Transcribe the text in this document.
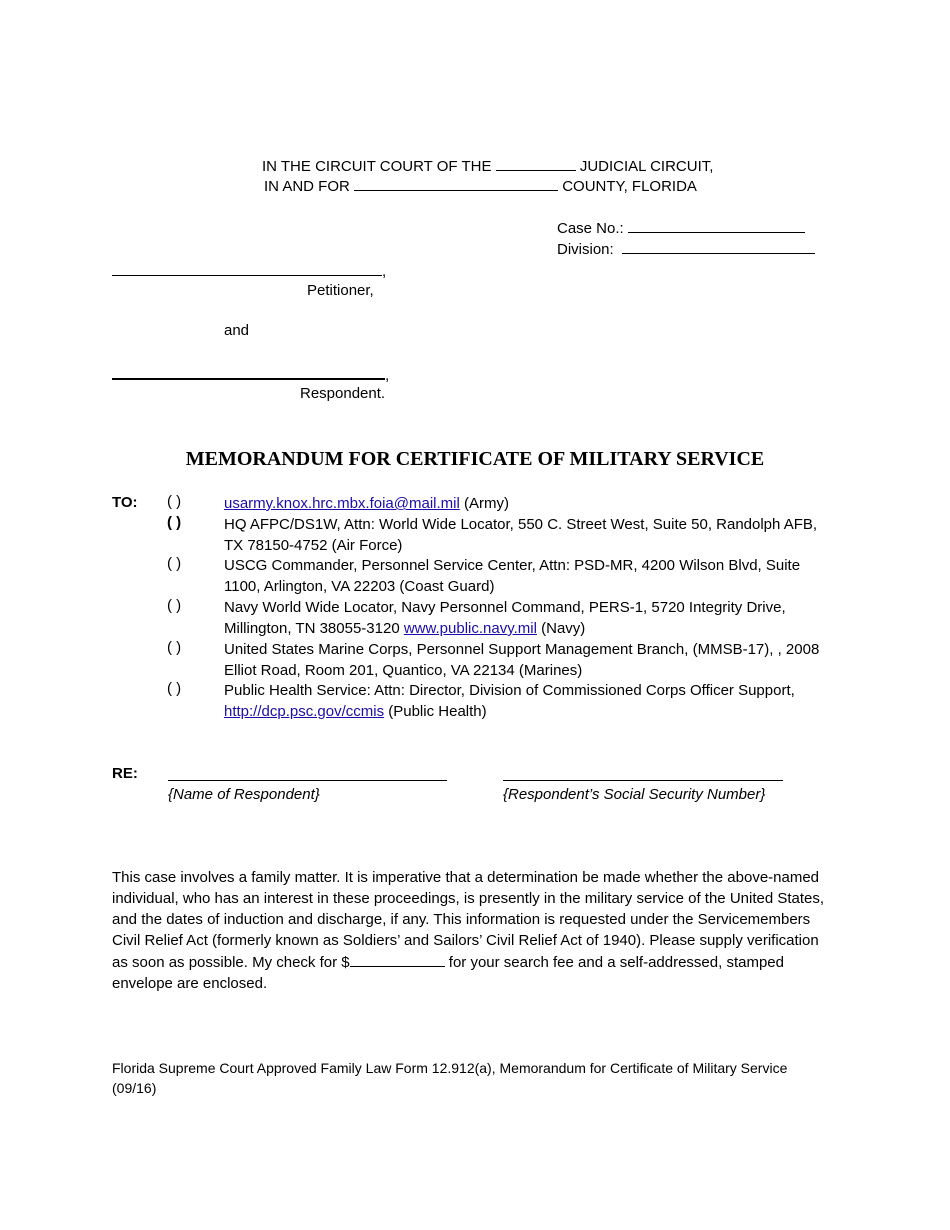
IN THE CIRCUIT COURT OF THE	JUDICIAL CIRCUIT,
IN AND FOR	COUNTY, FLORIDA
Case No.:
Division:
,
Petitioner,
and
,
Respondent.
MEMORANDUM FOR CERTIFICATE OF MILITARY SERVICE
TO: ( )	usarmy.knox.hrc.mbx.foia@mail.mil (Army)
( )	HQ AFPC/DS1W, Attn: World Wide Locator, 550 C. Street West, Suite 50, Randolph AFB, TX 78150-4752 (Air Force)
( )	USCG Commander, Personnel Service Center, Attn: PSD-MR, 4200 Wilson Blvd, Suite 1100, Arlington, VA 22203 (Coast Guard)
( )	Navy World Wide Locator, Navy Personnel Command, PERS-1, 5720 Integrity Drive, Millington, TN 38055-3120 www.public.navy.mil (Navy)
( )	United States Marine Corps, Personnel Support Management Branch, (MMSB-17), , 2008 Elliot Road, Room 201, Quantico, VA 22134 (Marines)
( )	Public Health Service: Attn: Director, Division of Commissioned Corps Officer Support, http://dcp.psc.gov/ccmis (Public Health)
RE:
{Name of Respondent}	{Respondent’s Social Security Number}
This case involves a family matter. It is imperative that a determination be made whether the above-named individual, who has an interest in these proceedings, is presently in the military service of the United States, and the dates of induction and discharge, if any. This information is requested under the Servicemembers Civil Relief Act (formerly known as Soldiers’ and Sailors’ Civil Relief Act of 1940). Please supply verification as soon as possible. My check for $	for your search fee and a self-addressed, stamped envelope are enclosed.
Florida Supreme Court Approved Family Law Form 12.912(a), Memorandum for Certificate of Military Service (09/16)
